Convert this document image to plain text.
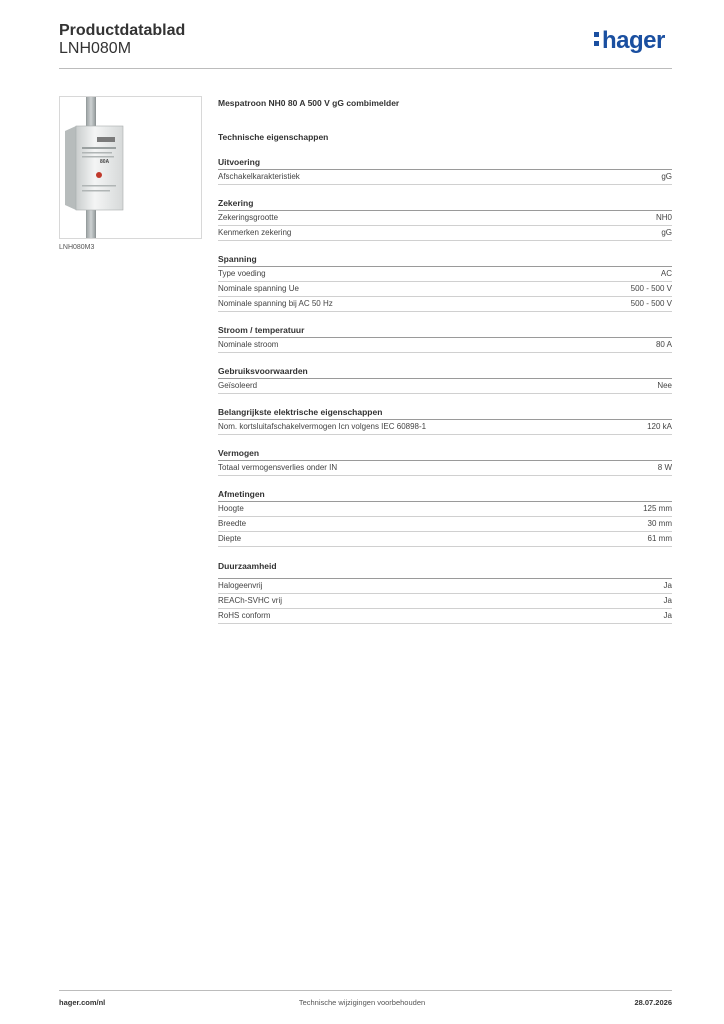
Productdatablad
LNH080M	hager
80A
LNH080M3
Mespatroon NH0 80 A 500 V gG combimelder
Technische eigenschappen
Uitvoering
Afschakelkarakteristiek	gG
Zekering
Zekeringsgrootte	NH0
Kenmerken zekering	gG
Spanning
Type voeding	AC
Nominale spanning Ue	500 - 500 V
Nominale spanning bij AC 50 Hz	500 - 500 V
Stroom / temperatuur
Nominale stroom	80 A
Gebruiksvoorwaarden
Geïsoleerd	Nee
Belangrijkste elektrische eigenschappen
Nom. kortsluitafschakelvermogen Icn volgens IEC 60898-1	120 kA
Vermogen
Totaal vermogensverlies onder IN	8 W
Afmetingen
Hoogte	125 mm
Breedte	30 mm
Diepte	61 mm
Duurzaamheid
Halogeenvrij	Ja
REACh-SVHC vrij	Ja
RoHS conform	Ja
hager.com/nl	Technische wijzigingen voorbehouden	28.07.2026
